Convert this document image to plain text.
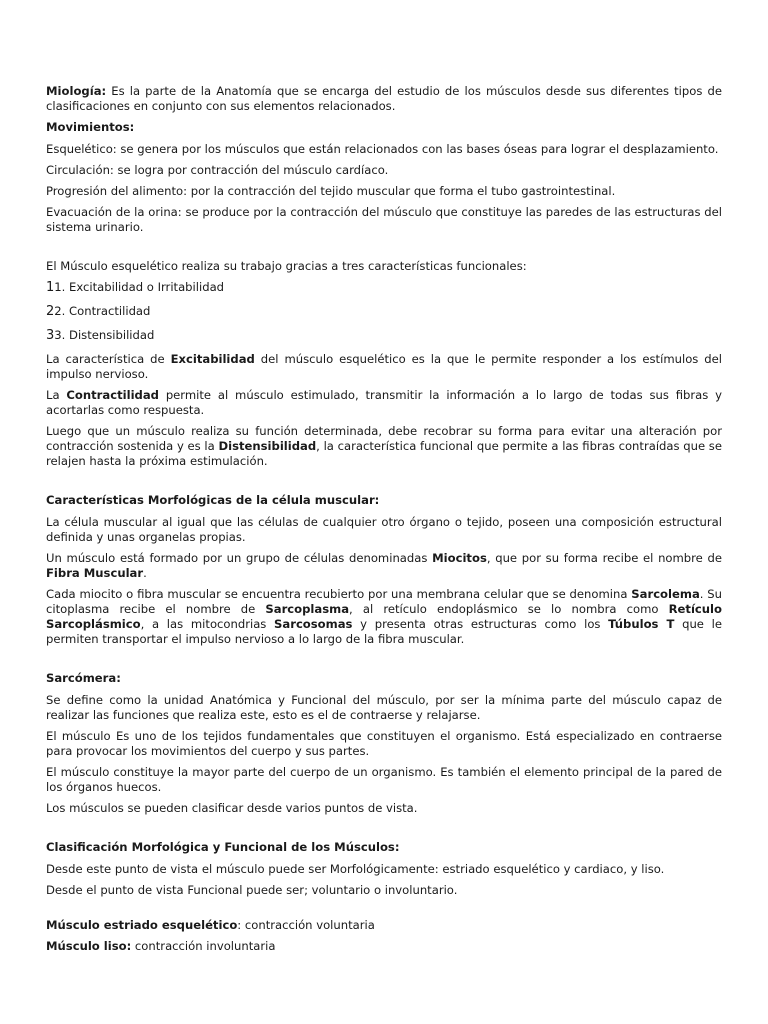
Miología: Es la parte de la Anatomía que se encarga del estudio de los músculos desde sus diferentes tipos de clasificaciones en conjunto con sus elementos relacionados.

Movimientos:

Esquelético: se genera por los músculos que están relacionados con las bases óseas para lograr el desplazamiento.

Circulación: se logra por contracción del músculo cardíaco.

Progresión del alimento: por la contracción del tejido muscular que forma el tubo gastrointestinal.

Evacuación de la orina: se produce por la contracción del músculo que constituye las paredes de las estructuras del sistema urinario.

El Músculo esquelético realiza su trabajo gracias a tres características funcionales:

11. Excitabilidad o Irritabilidad

22. Contractilidad

33. Distensibilidad

La característica de Excitabilidad del músculo esquelético es la que le permite responder a los estímulos del impulso nervioso.

La Contractilidad permite al músculo estimulado, transmitir la información a lo largo de todas sus fibras y acortarlas como respuesta.

Luego que un músculo realiza su función determinada, debe recobrar su forma para evitar una alteración por contracción sostenida y es la Distensibilidad, la característica funcional que permite a las fibras contraídas que se relajen hasta la próxima estimulación.

Características Morfológicas de la célula muscular:

La célula muscular al igual que las células de cualquier otro órgano o tejido, poseen una composición estructural definida y unas organelas propias.

Un músculo está formado por un grupo de células denominadas Miocitos, que por su forma recibe el nombre de Fibra Muscular.

Cada miocito o fibra muscular se encuentra recubierto por una membrana celular que se denomina Sarcolema. Su citoplasma recibe el nombre de Sarcoplasma, al retículo endoplásmico se lo nombra como Retículo Sarcoplásmico, a las mitocondrias Sarcosomas y presenta otras estructuras como los Túbulos T que le permiten transportar el impulso nervioso a lo largo de la fibra muscular.

Sarcómera:

Se define como la unidad Anatómica y Funcional del músculo, por ser la mínima parte del músculo capaz de realizar las funciones que realiza este, esto es el de contraerse y relajarse.

El músculo Es uno de los tejidos fundamentales que constituyen el organismo. Está especializado en contraerse para provocar los movimientos del cuerpo y sus partes.

El músculo constituye la mayor parte del cuerpo de un organismo. Es también el elemento principal de la pared de los órganos huecos.

Los músculos se pueden clasificar desde varios puntos de vista.

Clasificación Morfológica y Funcional de los Músculos:

Desde este punto de vista el músculo puede ser Morfológicamente: estriado esquelético y cardiaco, y liso.

Desde el punto de vista Funcional puede ser; voluntario o involuntario.

Músculo estriado esquelético: contracción voluntaria

Músculo liso: contracción involuntaria
